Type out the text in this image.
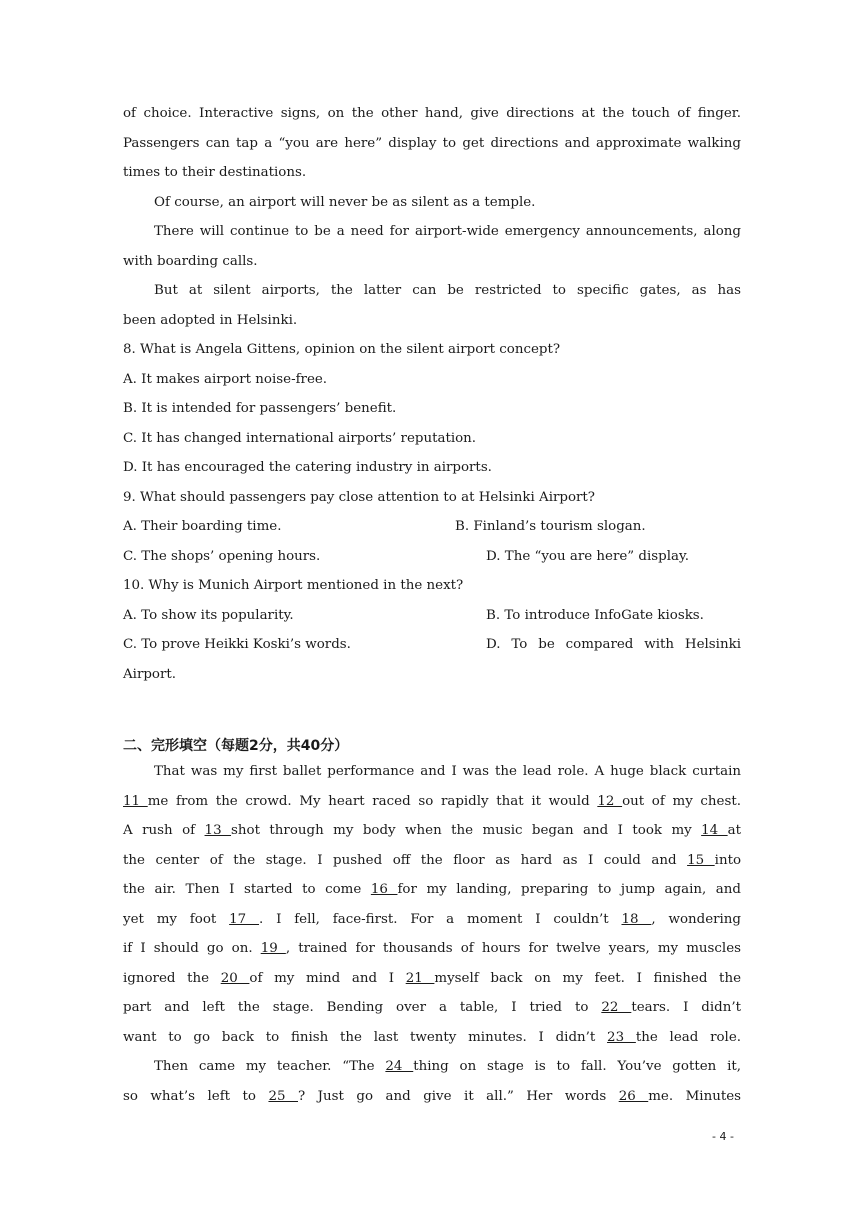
of choice. Interactive signs, on the other hand, give directions at the touch of finger.
Passengers can tap a “you are here” display to get directions and approximate walking
times to their destinations.
Of course, an airport will never be as silent as a temple.
There will continue to be a need for airport-wide emergency announcements, along
with boarding calls.
But at silent airports, the latter can be restricted to specific gates, as has
been adopted in Helsinki.
8. What is Angela Gittens, opinion on the silent airport concept?
A. It makes airport noise-free.
B. It is intended for passengers’ benefit.
C. It has changed international airports’ reputation.
D. It has encouraged the catering industry in airports.
9. What should passengers pay close attention to at Helsinki Airport?
A. Their boarding time.	B. Finland’s tourism slogan.
C. The shops’ opening hours.	D. The “you are here” display.
10. Why is Munich Airport mentioned in the next?
A. To show its popularity.	B. To introduce InfoGate kiosks.
C. To prove Heikki Koski’s words.	D. To be compared with Helsinki
Airport.
二、完形填空（每题2分，共40分）
That was my first ballet performance and I was the lead role. A huge black curtain
11 me from the crowd. My heart raced so rapidly that it would 12 out of my chest.
A rush of 13 shot through my body when the music began and I took my 14 at
the center of the stage. I pushed off the floor as hard as I could and 15 into
the air. Then I started to come 16 for my landing, preparing to jump again, and
yet my foot 17 . I fell, face-first. For a moment I couldn’t 18 , wondering
if I should go on. 19 , trained for thousands of hours for twelve years, my muscles
ignored the 20 of my mind and I 21 myself back on my feet. I finished the
part and left the stage. Bending over a table, I tried to 22 tears. I didn’t
want to go back to finish the last twenty minutes. I didn’t 23 the lead role.
Then came my teacher. “The 24 thing on stage is to fall. You’ve gotten it,
so what’s left to 25 ? Just go and give it all.” Her words 26 me. Minutes
- 4 -
